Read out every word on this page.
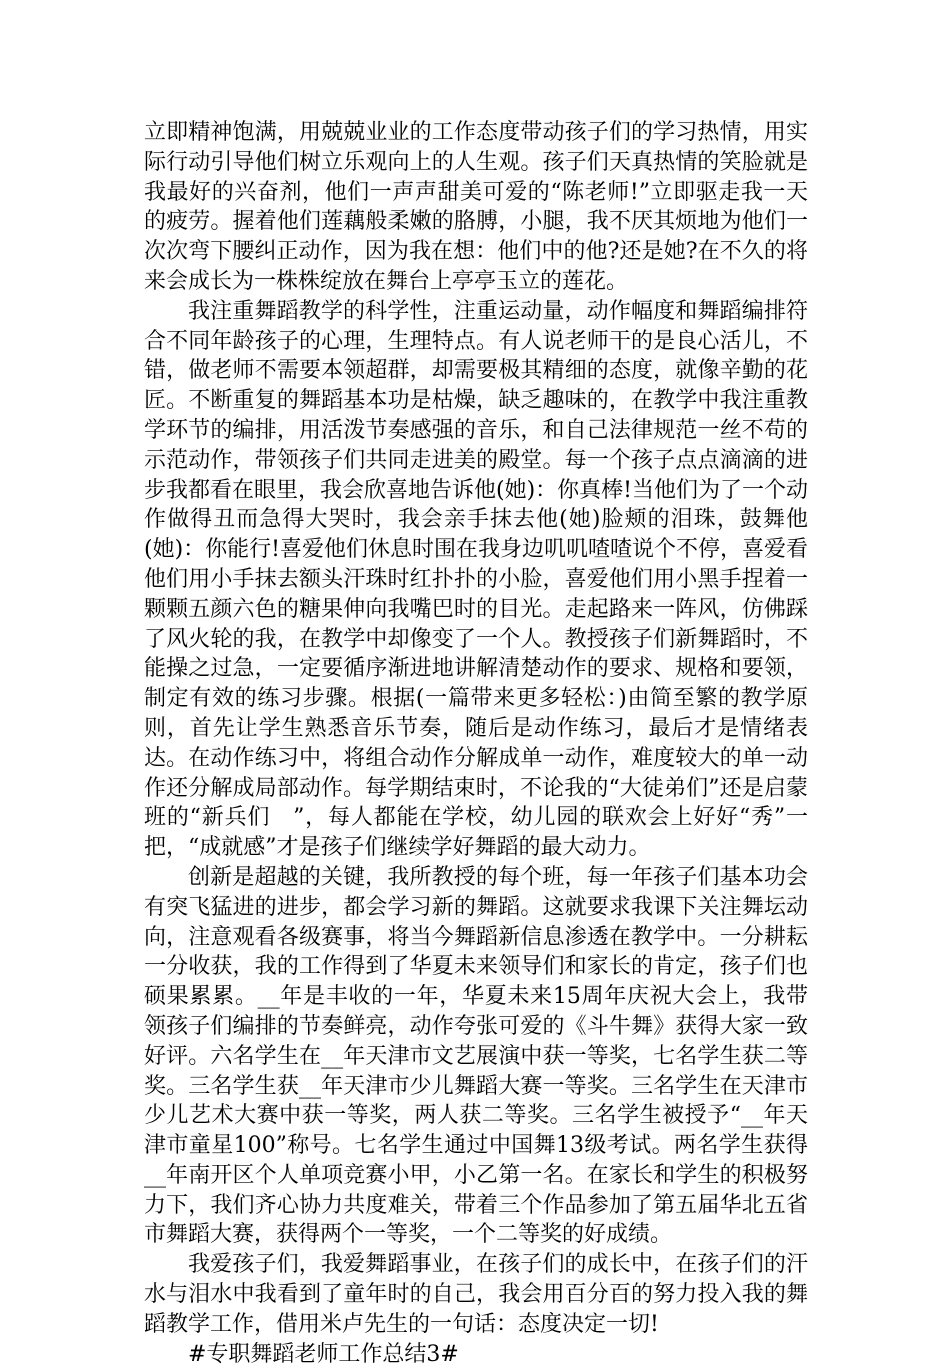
立即精神饱满，用兢兢业业的工作态度带动孩子们的学习热情，用实际行动引导他们树立乐观向上的人生观。孩子们天真热情的笑脸就是我最好的兴奋剂，他们一声声甜美可爱的“陈老师!”立即驱走我一天的疲劳。握着他们莲藕般柔嫩的胳膊，小腿，我不厌其烦地为他们一次次弯下腰纠正动作，因为我在想：他们中的他?还是她?在不久的将来会成长为一株株绽放在舞台上亭亭玉立的莲花。

我注重舞蹈教学的科学性，注重运动量，动作幅度和舞蹈编排符合不同年龄孩子的心理，生理特点。有人说老师干的是良心活儿，不错，做老师不需要本领超群，却需要极其精细的态度，就像辛勤的花匠。不断重复的舞蹈基本功是枯燥，缺乏趣味的，在教学中我注重教学环节的编排，用活泼节奏感强的音乐，和自己法律规范一丝不苟的示范动作，带领孩子们共同走进美的殿堂。每一个孩子点点滴滴的进步我都看在眼里，我会欣喜地告诉他(她)：你真棒!当他们为了一个动作做得丑而急得大哭时，我会亲手抹去他(她)脸颊的泪珠，鼓舞他(她)：你能行!喜爱他们休息时围在我身边叽叽喳喳说个不停，喜爱看他们用小手抹去额头汗珠时红扑扑的小脸，喜爱他们用小黑手捏着一颗颗五颜六色的糖果伸向我嘴巴时的目光。走起路来一阵风，仿佛踩了风火轮的我，在教学中却像变了一个人。教授孩子们新舞蹈时，不能操之过急，一定要循序渐进地讲解清楚动作的要求、规格和要领，制定有效的练习步骤。根据(一篇带来更多轻松：)由简至繁的教学原则，首先让学生熟悉音乐节奏，随后是动作练习，最后才是情绪表达。在动作练习中，将组合动作分解成单一动作，难度较大的单一动作还分解成局部动作。每学期结束时，不论我的“大徒弟们”还是启蒙班的“新兵们　”，每人都能在学校，幼儿园的联欢会上好好“秀”一把，“成就感”才是孩子们继续学好舞蹈的最大动力。

创新是超越的关键，我所教授的每个班，每一年孩子们基本功会有突飞猛进的进步，都会学习新的舞蹈。这就要求我课下关注舞坛动向，注意观看各级赛事，将当今舞蹈新信息渗透在教学中。一分耕耘一分收获，我的工作得到了华夏未来领导们和家长的肯定，孩子们也硕果累累。__年是丰收的一年，华夏未来15周年庆祝大会上，我带领孩子们编排的节奏鲜亮，动作夸张可爱的《斗牛舞》获得大家一致好评。六名学生在__年天津市文艺展演中获一等奖，七名学生获二等奖。三名学生获__年天津市少儿舞蹈大赛一等奖。三名学生在天津市少儿艺术大赛中获一等奖，两人获二等奖。三名学生被授予“__年天津市童星100”称号。七名学生通过中国舞13级考试。两名学生获得__年南开区个人单项竞赛小甲，小乙第一名。在家长和学生的积极努力下，我们齐心协力共度难关，带着三个作品参加了第五届华北五省市舞蹈大赛，获得两个一等奖，一个二等奖的好成绩。

我爱孩子们，我爱舞蹈事业，在孩子们的成长中，在孩子们的汗水与泪水中我看到了童年时的自己，我会用百分百的努力投入我的舞蹈教学工作，借用米卢先生的一句话：态度决定一切!

#专职舞蹈老师工作总结3#
